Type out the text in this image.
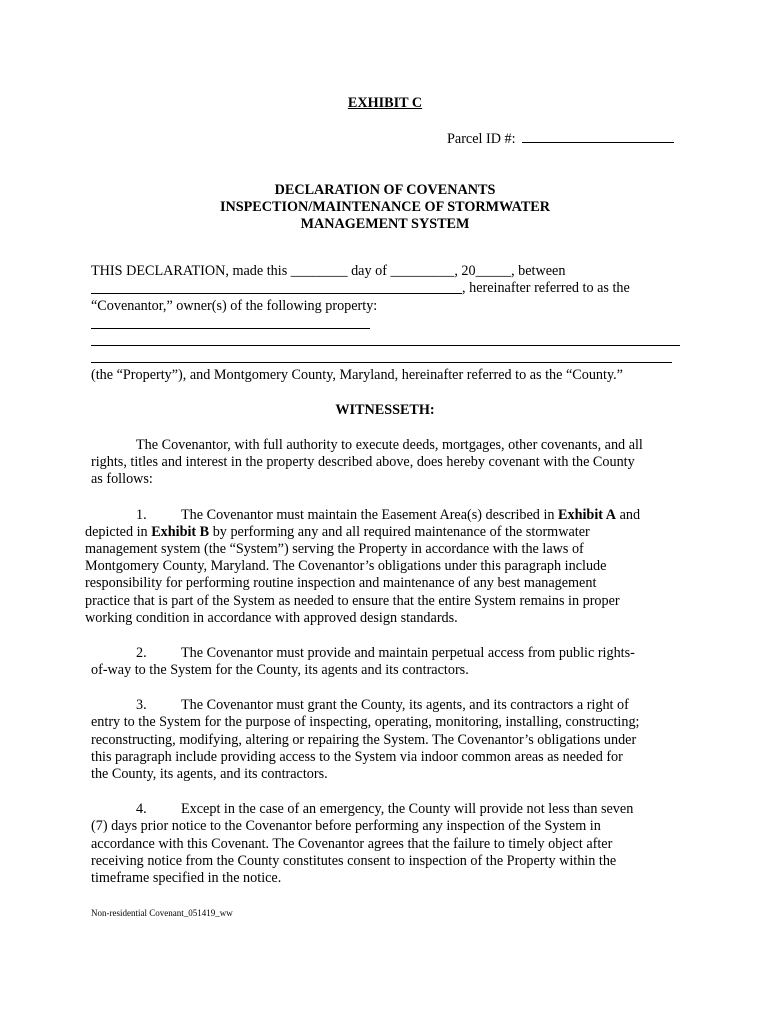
EXHIBIT C
Parcel ID #:
DECLARATION OF COVENANTS
INSPECTION/MAINTENANCE OF STORMWATER
MANAGEMENT SYSTEM
THIS DECLARATION, made this ________ day of _________, 20_____, between
, hereinafter referred to as the
“Covenantor,” owner(s) of the following property:
(the “Property”), and Montgomery County, Maryland, hereinafter referred to as the “County.”
WITNESSETH:
The Covenantor, with full authority to execute deeds, mortgages, other covenants, and all
rights, titles and interest in the property described above, does hereby covenant with the County
as follows:
1. The Covenantor must maintain the Easement Area(s) described in Exhibit A and
depicted in Exhibit B by performing any and all required maintenance of the stormwater
management system (the “System”) serving the Property in accordance with the laws of
Montgomery County, Maryland. The Covenantor’s obligations under this paragraph include
responsibility for performing routine inspection and maintenance of any best management
practice that is part of the System as needed to ensure that the entire System remains in proper
working condition in accordance with approved design standards.
2. The Covenantor must provide and maintain perpetual access from public rights-
of-way to the System for the County, its agents and its contractors.
3. The Covenantor must grant the County, its agents, and its contractors a right of
entry to the System for the purpose of inspecting, operating, monitoring, installing, constructing;
reconstructing, modifying, altering or repairing the System. The Covenantor’s obligations under
this paragraph include providing access to the System via indoor common areas as needed for
the County, its agents, and its contractors.
4. Except in the case of an emergency, the County will provide not less than seven
(7) days prior notice to the Covenantor before performing any inspection of the System in
accordance with this Covenant. The Covenantor agrees that the failure to timely object after
receiving notice from the County constitutes consent to inspection of the Property within the
timeframe specified in the notice.
Non-residential Covenant_051419_ww
